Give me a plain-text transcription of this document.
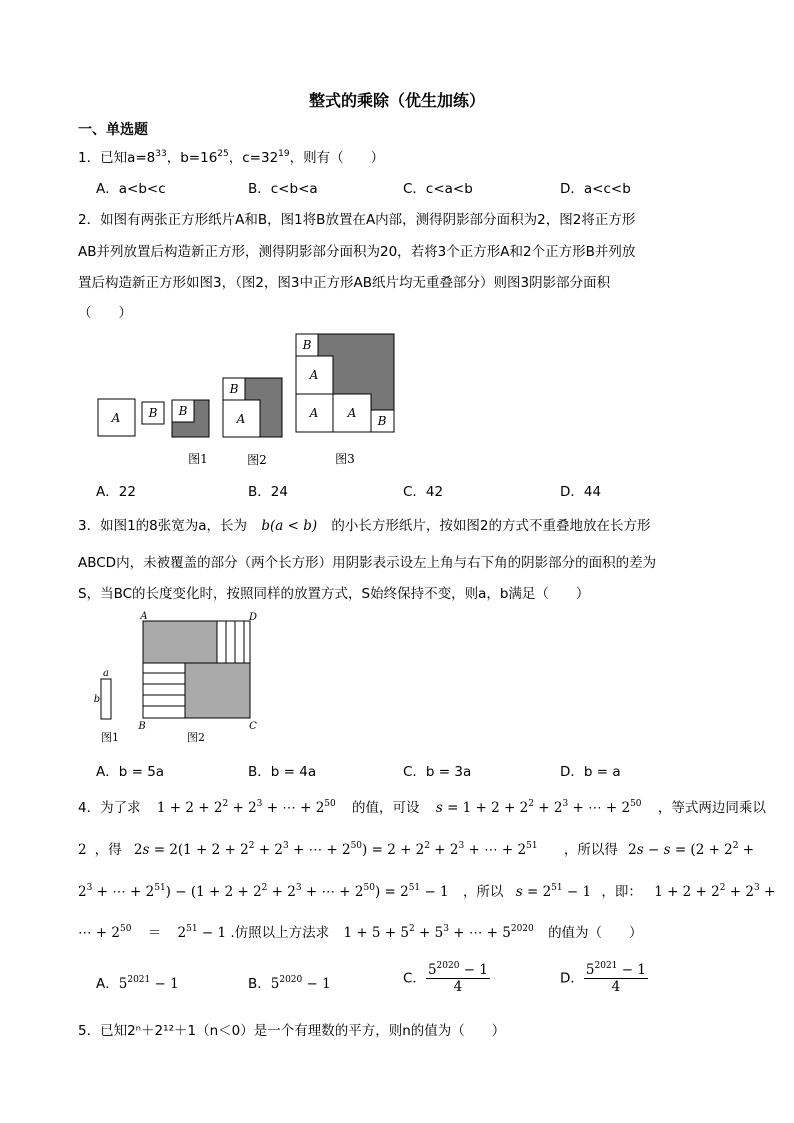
整式的乘除（优生加练）
一、单选题
1．已知$a=8^{33}$，$b=16^{25}$，$c=32^{19}$，则有（　　）
A．a<b<c	B．c<b<a	C．c<a<b	D．a<c<b
2．如图有两张正方形纸片A和B，图1将B放置在A内部，测得阴影部分面积为2，图2将正方形
AB并列放置后构造新正方形，测得阴影部分面积为20，若将3个正方形A和2个正方形B并列放
置后构造新正方形如图3，（图2，图3中正方形AB纸片均无重叠部分）则图3阴影部分面积
（　　）
A B B
B
A
B
A
A A
B
图1	图2	图3
A．22	B．24	C．42	D．44
3．如图1的8张宽为a，长为 b(a < b) 的小长方形纸片，按如图2的方式不重叠地放在长方形
ABCD内，未被覆盖的部分（两个长方形）用阴影表示设左上角与右下角的阴影部分的面积的差为
S，当BC的长度变化时，按照同样的放置方式，S始终保持不变，则a，b满足（　　）
a
b
A	D
B	C
图1	图2
A．b = 5a	B．b = 4a	C．b = 3a	D．b = a
4．为了求 $1 + 2 + 2^2 + 2^3$ + ⋯ + $2^{50}$ 的值，可设 $s = 1 + 2 + 2^2 + 2^3$ + ⋯ + $2^{50}$ ，等式两边同乘以
2 ，得 $2s = 2(1 + 2 + 2^2 + 2^3$ + ⋯ + $2^{50}) = 2 + 2^2 + 2^3$ + ⋯ + $2^{51}$ ，所以得 $2s - s = (2 + 2^2$ +
$2^3$ + ⋯ + $2^{51}) - (1 + 2 + 2^2 + 2^3$ + ⋯ + $2^{50}) = 2^{51} - 1$ ，所以 $s = 2^{51} - 1$ ，即： $1 + 2 + 2^2 + 2^3$ +
⋯ + $2^{50} = 2^{51} - 1$ .仿照以上方法求 $1 + 5 + 5^2 + 5^3$ + ⋯ + $5^{2020}$ 的值为（　　）
A．$5^{2021} - 1$	B．$5^{2020} - 1$	C． $\frac{5^{2020} - 1}{4}$	D． $\frac{5^{2021} - 1}{4}$
5．已知2ⁿ＋2¹²＋1（n＜0）是一个有理数的平方，则n的值为（　　）
